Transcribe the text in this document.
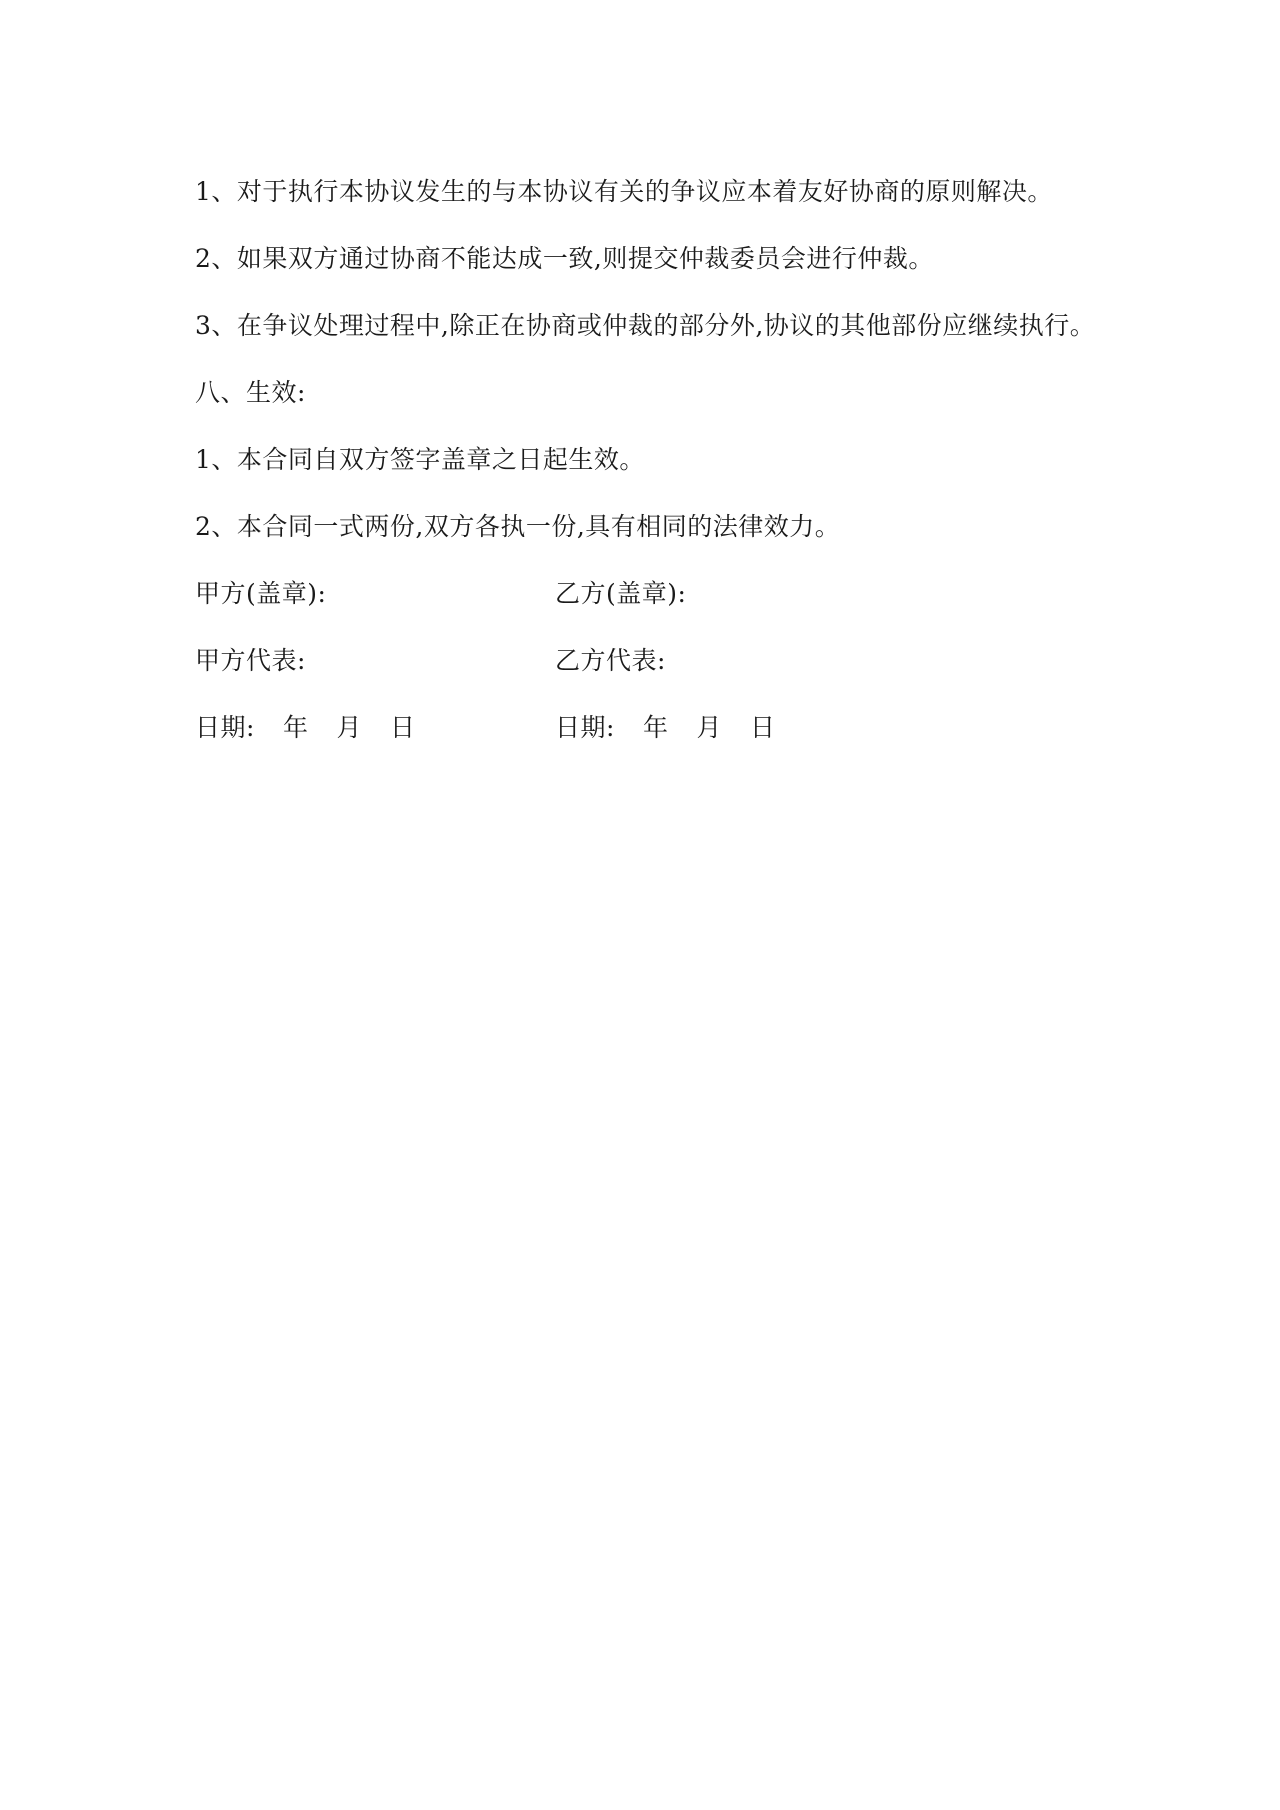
1、对于执行本协议发生的与本协议有关的争议应本着友好协商的原则解决。
2、如果双方通过协商不能达成一致,则提交仲裁委员会进行仲裁。
3、在争议处理过程中,除正在协商或仲裁的部分外,协议的其他部份应继续执行。
八、生效:
1、本合同自双方签字盖章之日起生效。
2、本合同一式两份,双方各执一份,具有相同的法律效力。
甲方(盖章):	乙方(盖章):
甲方代表:	乙方代表:
日期: 年 月 日	日期: 年 月 日
